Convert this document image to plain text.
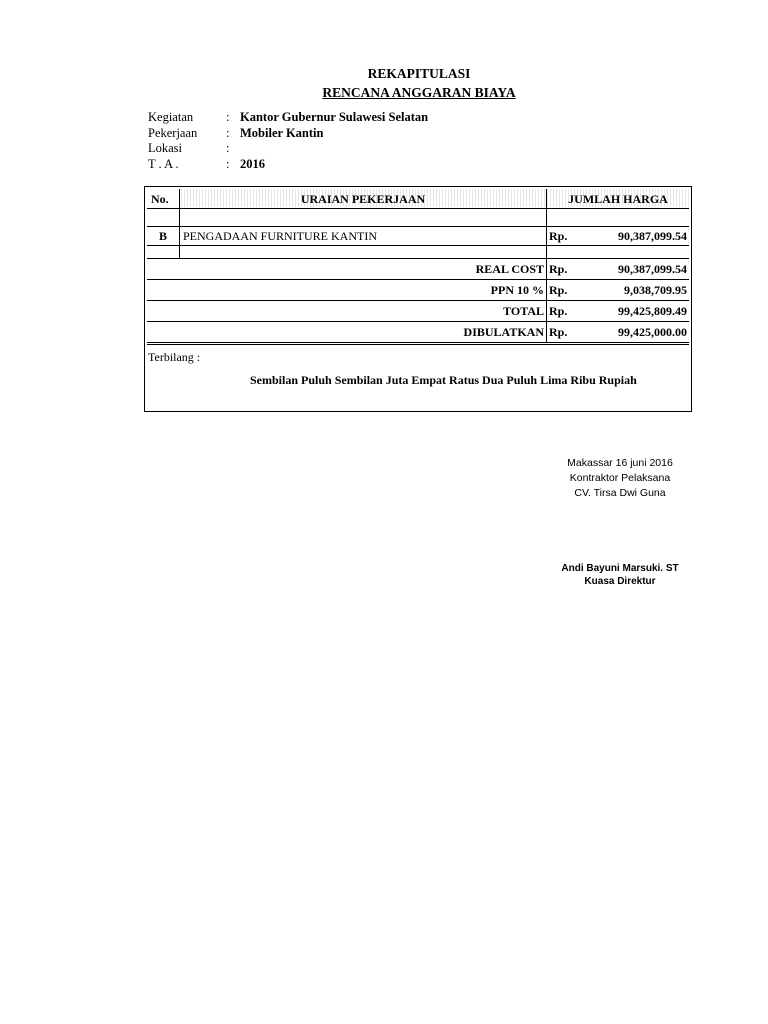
REKAPITULASI
RENCANA ANGGARAN BIAYA
Kegiatan	: Kantor Gubernur Sulawesi Selatan
Pekerjaan	: Mobiler Kantin
Lokasi	:
T . A .	: 2016
No.	URAIAN PEKERJAAN	JUMLAH HARGA
B	PENGADAAN FURNITURE KANTIN	Rp.	90,387,099.54
REAL COST Rp.	90,387,099.54
PPN 10 % Rp.	9,038,709.95
TOTAL Rp.	99,425,809.49
DIBULATKAN Rp.	99,425,000.00
Terbilang :
Sembilan Puluh Sembilan Juta Empat Ratus Dua Puluh Lima Ribu Rupiah
Makassar 16 juni 2016
Kontraktor Pelaksana
CV. Tirsa Dwi Guna
Andi Bayuni Marsuki. ST
Kuasa Direktur
